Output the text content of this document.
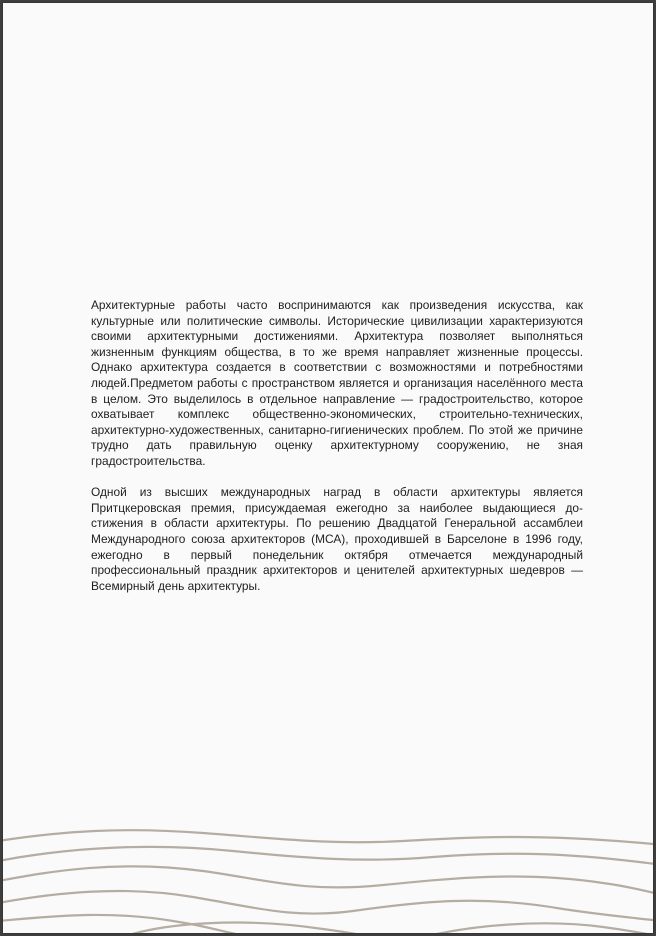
Архитектурные работы часто воспринимаются как произведения искусства, как культурные или политические символы. Исторические цивилизации характеризуются своими архитектурными достижениями. Архитектура позволяет выполняться жизненным функциям общества, в то же время направляет жизненные процессы. Однако архитектура создается в соответствии с возможностями и потребностями людей.Предметом работы с пространством является и организация населённого места в целом. Это выделилось в отдельное направление — градостроительство, которое охватывает комплекс общественно-экономических, строительно-технических, архитектурно-художественных, санитарно-гигиенических проблем. По этой же причине трудно дать правильную оценку архитектурному сооружению, не зная градостроительства.

Одной из высших международных наград в области архитектуры является Притцкеровская премия, присуждаемая ежегодно за наиболее выдающиеся достижения в области архитектуры. По решению Двадцатой Генеральной ассамблеи Международного союза архитекторов (МСА), проходившей в Барселоне в 1996 году, ежегодно в первый понедельник октября отмечается международный профессиональный праздник архитекторов и ценителей архитектурных шедевров — Всемирный день архитектуры.
